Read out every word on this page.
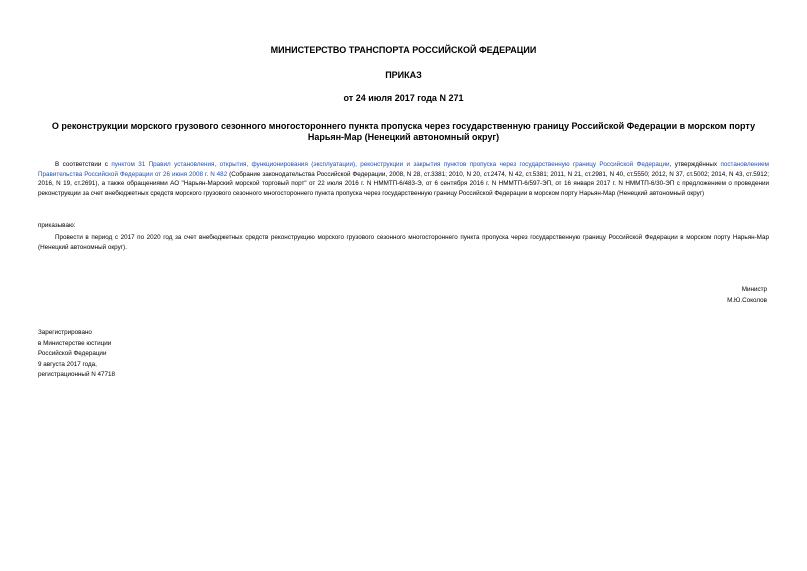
МИНИСТЕРСТВО ТРАНСПОРТА РОССИЙСКОЙ ФЕДЕРАЦИИ
ПРИКАЗ
от 24 июля 2017 года N 271
О реконструкции морского грузового сезонного многостороннего пункта пропуска через государственную границу Российской Федерации в морском порту Нарьян-Мар (Ненецкий автономный округ)
В соответствии с пунктом 31 Правил установления, открытия, функционирования (эксплуатации), реконструкции и закрытия пунктов пропуска через государственную границу Российской Федерации, утверждённых постановлением Правительства Российской Федерации от 26 июня 2008 г. N 482 (Собрание законодательства Российской Федерации, 2008, N 28, ст.3381; 2010, N 20, ст.2474, N 42, ст.5381; 2011, N 21, ст.2981, N 40, ст.5550; 2012, N 37, ст.5002; 2014, N 43, ст.5912; 2016, N 19, ст.2691), а также обращениями АО "Нарьян-Марский морской торговый порт" от 22 июля 2016 г. N НММТП-6/483-Э, от 6 сентября 2016 г. N НММТП-6/597-ЭП, от 16 января 2017 г. N НММТП-6/30-ЭП с предложением о проведении реконструкции за счет внебюджетных средств морского грузового сезонного многостороннего пункта пропуска через государственную границу Российской Федерации в морском порту Нарьян-Мар (Ненецкий автономный округ)
приказываю:
Провести в период с 2017 по 2020 год за счет внебюджетных средств реконструкцию морского грузового сезонного многостороннего пункта пропуска через государственную границу Российской Федерации в морском порту Нарьян-Мар (Ненецкий автономный округ).
Министр
М.Ю.Соколов
Зарегистрировано
в Министерстве юстиции
Российской Федерации
9 августа 2017 года,
регистрационный N 47718
